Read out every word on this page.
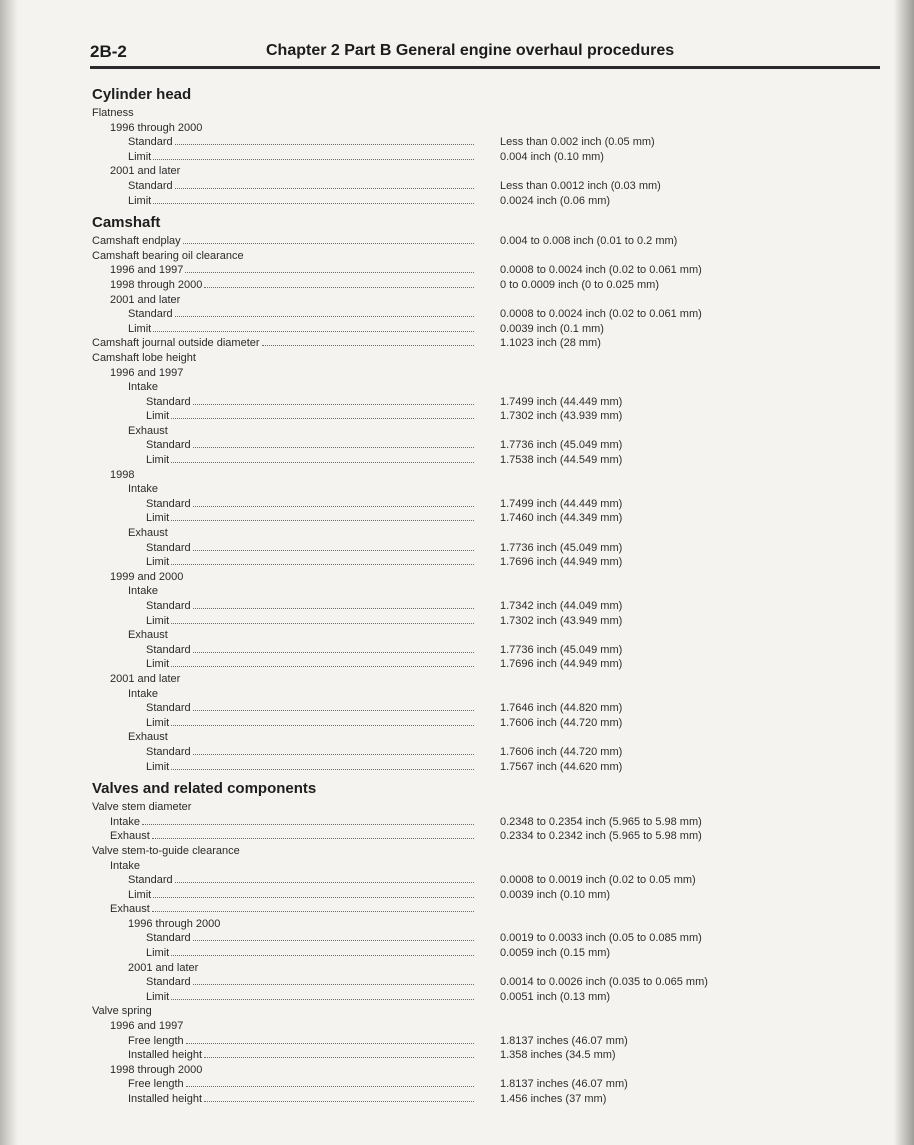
2B-2	Chapter 2 Part B General engine overhaul procedures
Cylinder head
Flatness
1996 through 2000
Standard	Less than 0.002 inch (0.05 mm)
Limit	0.004 inch (0.10 mm)
2001 and later
Standard	Less than 0.0012 inch (0.03 mm)
Limit	0.0024 inch (0.06 mm)
Camshaft
Camshaft endplay	0.004 to 0.008 inch (0.01 to 0.2 mm)
Camshaft bearing oil clearance
1996 and 1997	0.0008 to 0.0024 inch (0.02 to 0.061 mm)
1998 through 2000	0 to 0.0009 inch (0 to 0.025 mm)
2001 and later
Standard	0.0008 to 0.0024 inch (0.02 to 0.061 mm)
Limit	0.0039 inch (0.1 mm)
Camshaft journal outside diameter	1.1023 inch (28 mm)
Camshaft lobe height
1996 and 1997
Intake
Standard	1.7499 inch (44.449 mm)
Limit	1.7302 inch (43.939 mm)
Exhaust
Standard	1.7736 inch (45.049 mm)
Limit	1.7538 inch (44.549 mm)
1998
Intake
Standard	1.7499 inch (44.449 mm)
Limit	1.7460 inch (44.349 mm)
Exhaust
Standard	1.7736 inch (45.049 mm)
Limit	1.7696 inch (44.949 mm)
1999 and 2000
Intake
Standard	1.7342 inch (44.049 mm)
Limit	1.7302 inch (43.949 mm)
Exhaust
Standard	1.7736 inch (45.049 mm)
Limit	1.7696 inch (44.949 mm)
2001 and later
Intake
Standard	1.7646 inch (44.820 mm)
Limit	1.7606 inch (44.720 mm)
Exhaust
Standard	1.7606 inch (44.720 mm)
Limit	1.7567 inch (44.620 mm)
Valves and related components
Valve stem diameter
Intake	0.2348 to 0.2354 inch (5.965 to 5.98 mm)
Exhaust	0.2334 to 0.2342 inch (5.965 to 5.98 mm)
Valve stem-to-guide clearance
Intake
Standard	0.0008 to 0.0019 inch (0.02 to 0.05 mm)
Limit	0.0039 inch (0.10 mm)
Exhaust
1996 through 2000
Standard	0.0019 to 0.0033 inch (0.05 to 0.085 mm)
Limit	0.0059 inch (0.15 mm)
2001 and later
Standard	0.0014 to 0.0026 inch (0.035 to 0.065 mm)
Limit	0.0051 inch (0.13 mm)
Valve spring
1996 and 1997
Free length	1.8137 inches (46.07 mm)
Installed height	1.358 inches (34.5 mm)
1998 through 2000
Free length	1.8137 inches (46.07 mm)
Installed height	1.456 inches (37 mm)
